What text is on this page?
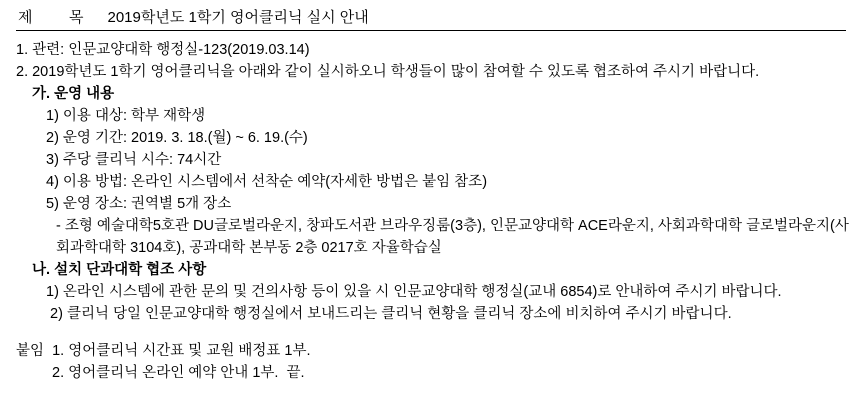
제   목 2019학년도 1학기 영어클리닉 실시 안내
1. 관련: 인문교양대학 행정실-123(2019.03.14)
2. 2019학년도 1학기 영어클리닉을 아래와 같이 실시하오니 학생들이 많이 참여할 수 있도록 협조하여 주시기 바랍니다.
가. 운영 내용
1) 이용 대상: 학부 재학생
2) 운영 기간: 2019. 3. 18.(월) ~ 6. 19.(수)
3) 주당 클리닉 시수: 74시간
4) 이용 방법: 온라인 시스템에서 선착순 예약(자세한 방법은 붙임 참조)
5) 운영 장소: 권역별 5개 장소
- 조형 예술대학5호관 DU글로벌라운지, 창파도서관 브라우징룸(3층), 인문교양대학 ACE라운지, 사회과학대학 글로벌라운지(사회과학대학 3104호), 공과대학 본부동 2층 0217호 자율학습실
나. 설치 단과대학 협조 사항
1) 온라인 시스템에 관한 문의 및 건의사항 등이 있을 시 인문교양대학 행정실(교내 6854)로 안내하여 주시기 바랍니다.
2) 클리닉 당일 인문교양대학 행정실에서 보내드리는 클리닉 현황을 클리닉 장소에 비치하여 주시기 바랍니다.
붙임  1. 영어클리닉 시간표 및 교원 배정표 1부.
2. 영어클리닉 온라인 예약 안내 1부.  끝.
